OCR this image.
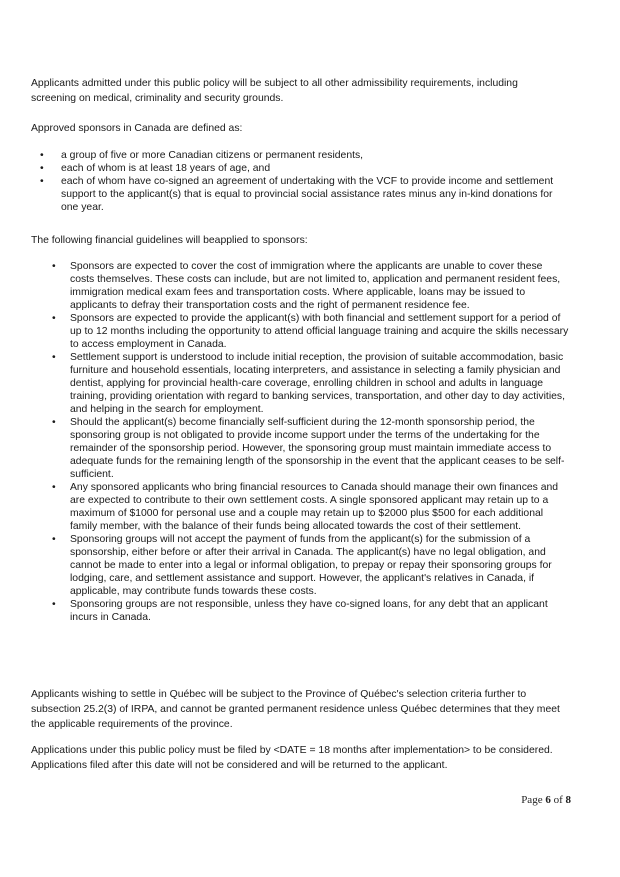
Applicants admitted under this public policy will be subject to all other admissibility requirements, including screening on medical, criminality and security grounds.
Approved sponsors in Canada are defined as:
• a group of five or more Canadian citizens or permanent residents,
• each of whom is at least 18 years of age, and
• each of whom have co-signed an agreement of undertaking with the VCF to provide income and settlement support to the applicant(s) that is equal to provincial social assistance rates minus any in-kind donations for one year.
The following financial guidelines will beapplied to sponsors:
• Sponsors are expected to cover the cost of immigration where the applicants are unable to cover these costs themselves. These costs can include, but are not limited to, application and permanent resident fees, immigration medical exam fees and transportation costs. Where applicable, loans may be issued to applicants to defray their transportation costs and the right of permanent residence fee.
• Sponsors are expected to provide the applicant(s) with both financial and settlement support for a period of up to 12 months including the opportunity to attend official language training and acquire the skills necessary to access employment in Canada.
• Settlement support is understood to include initial reception, the provision of suitable accommodation, basic furniture and household essentials, locating interpreters, and assistance in selecting a family physician and dentist, applying for provincial health-care coverage, enrolling children in school and adults in language training, providing orientation with regard to banking services, transportation, and other day to day activities, and helping in the search for employment.
• Should the applicant(s) become financially self-sufficient during the 12-month sponsorship period, the sponsoring group is not obligated to provide income support under the terms of the undertaking for the remainder of the sponsorship period. However, the sponsoring group must maintain immediate access to adequate funds for the remaining length of the sponsorship in the event that the applicant ceases to be self-sufficient.
• Any sponsored applicants who bring financial resources to Canada should manage their own finances and are expected to contribute to their own settlement costs. A single sponsored applicant may retain up to a maximum of $1000 for personal use and a couple may retain up to $2000 plus $500 for each additional family member, with the balance of their funds being allocated towards the cost of their settlement.
• Sponsoring groups will not accept the payment of funds from the applicant(s) for the submission of a sponsorship, either before or after their arrival in Canada. The applicant(s) have no legal obligation, and cannot be made to enter into a legal or informal obligation, to prepay or repay their sponsoring groups for lodging, care, and settlement assistance and support. However, the applicant's relatives in Canada, if applicable, may contribute funds towards these costs.
• Sponsoring groups are not responsible, unless they have co-signed loans, for any debt that an applicant incurs in Canada.
Applicants wishing to settle in Québec will be subject to the Province of Québec's selection criteria further to subsection 25.2(3) of IRPA, and cannot be granted permanent residence unless Québec determines that they meet the applicable requirements of the province.
Applications under this public policy must be filed by <DATE = 18 months after implementation> to be considered. Applications filed after this date will not be considered and will be returned to the applicant.
Page 6 of 8
